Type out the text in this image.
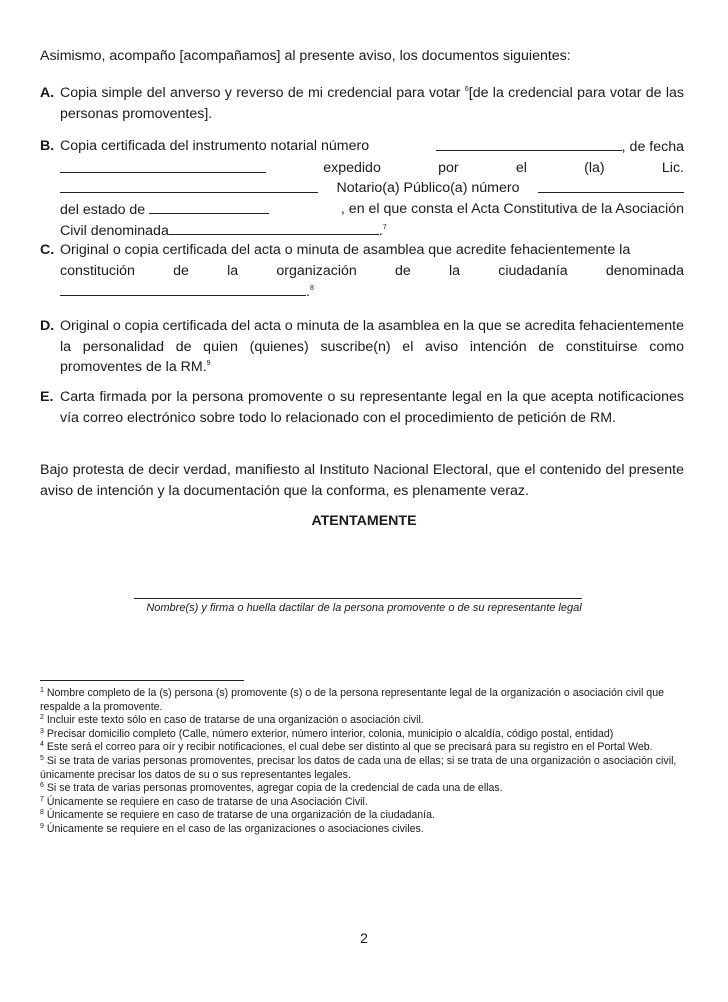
Asimismo, acompaño [acompañamos] al presente aviso, los documentos siguientes:
A. Copia simple del anverso y reverso de mi credencial para votar $^6$[de la credencial para votar de las personas promoventes].
B. Copia certificada del instrumento notarial número	, de fecha
expedido	por	el	(la)	Lic.
Notario(a) Público(a) número
del estado de	, en el que consta el Acta Constitutiva de la Asociación
Civil denominada	.$^7$
C. Original o copia certificada del acta o minuta de asamblea que acredite fehacientemente la
constitución	de	la	organización	de	la	ciudadanía	denominada
.$^8$
D. Original o copia certificada del acta o minuta de la asamblea en la que se acredita fehacientemente la personalidad de quien (quienes) suscribe(n) el aviso intención de constituirse como promoventes de la RM.$^9$
E. Carta firmada por la persona promovente o su representante legal en la que acepta notificaciones vía correo electrónico sobre todo lo relacionado con el procedimiento de petición de RM.
Bajo protesta de decir verdad, manifiesto al Instituto Nacional Electoral, que el contenido del presente aviso de intención y la documentación que la conforma, es plenamente veraz.
ATENTAMENTE
Nombre(s) y firma o huella dactilar de la persona promovente o de su representante legal

$^1$ Nombre completo de la (s) persona (s) promovente (s) o de la persona representante legal de la organización o asociación civil que respalde a la promovente.

$^2$ Incluir este texto sólo en caso de tratarse de una organización o asociación civil.

$^3$ Precisar domicilio completo (Calle, número exterior, número interior, colonia, municipio o alcaldía, código postal, entidad)

$^4$ Este será el correo para oír y recibir notificaciones, el cual debe ser distinto al que se precisará para su registro en el Portal Web.

$^5$ Si se trata de varias personas promoventes, precisar los datos de cada una de ellas; si se trata de una organización o asociación civil, únicamente precisar los datos de su o sus representantes legales.

$^6$ Si se trata de varias personas promoventes, agregar copia de la credencial de cada una de ellas.

$^7$ Únicamente se requiere en caso de tratarse de una Asociación Civil.

$^8$ Únicamente se requiere en caso de tratarse de una organización de la ciudadanía.

$^9$ Únicamente se requiere en el caso de las organizaciones o asociaciones civiles.

2
